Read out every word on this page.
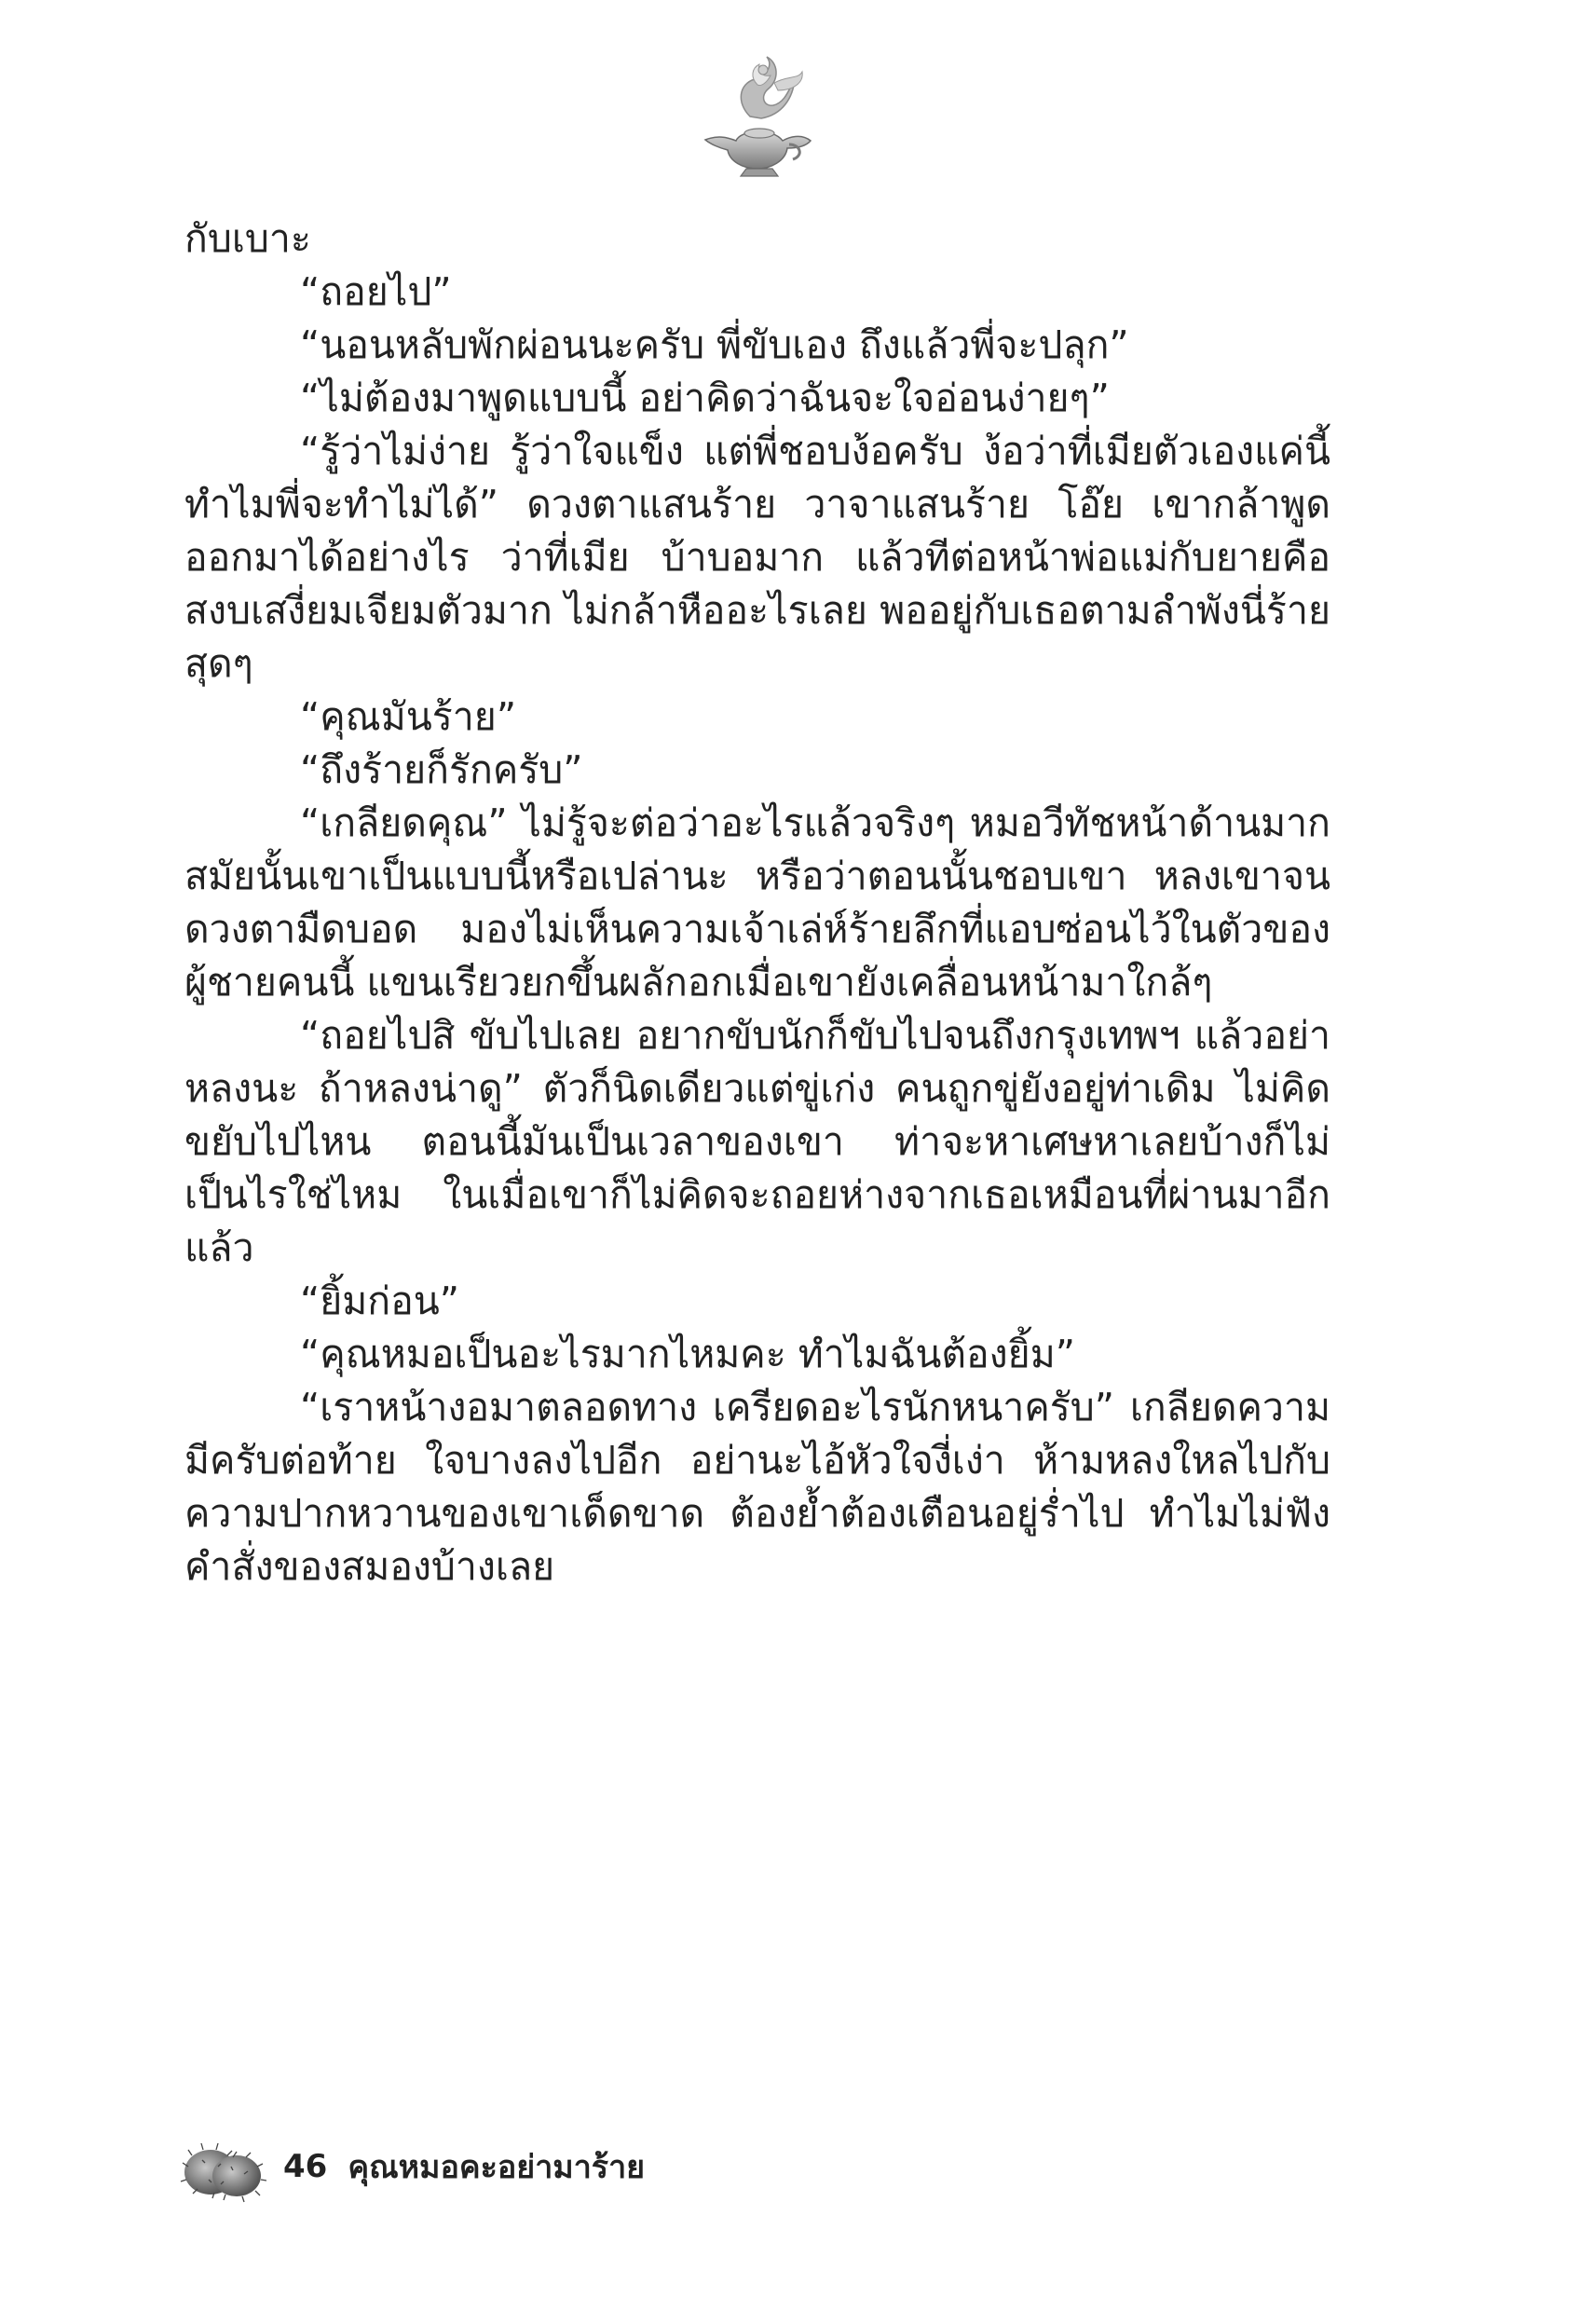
กับเบาะ

“ถอยไป”

“นอนหลับพักผ่อนนะครับ พี่ขับเอง ถึงแล้วพี่จะปลุก”

“ไม่ต้องมาพูดแบบนี้ อย่าคิดว่าฉันจะใจอ่อนง่ายๆ”

“รู้ว่าไม่ง่าย รู้ว่าใจแข็ง แต่พี่ชอบง้อครับ ง้อว่าที่เมียตัวเองแค่นี้ ทำไมพี่จะทำไม่ได้” ดวงตาแสนร้าย วาจาแสนร้าย โอ๊ย เขากล้าพูดออกมาได้อย่างไร ว่าที่เมีย บ้าบอมาก แล้วทีต่อหน้าพ่อแม่กับยายคือสงบเสงี่ยมเจียมตัวมาก ไม่กล้าหืออะไรเลย พออยู่กับเธอตามลำพังนี่ร้ายสุดๆ

“คุณมันร้าย”

“ถึงร้ายก็รักครับ”

“เกลียดคุณ” ไม่รู้จะต่อว่าอะไรแล้วจริงๆ หมอวีทัชหน้าด้านมาก สมัยนั้นเขาเป็นแบบนี้หรือเปล่านะ หรือว่าตอนนั้นชอบเขา หลงเขาจนดวงตามืดบอด มองไม่เห็นความเจ้าเล่ห์ร้ายลึกที่แอบซ่อนไว้ในตัวของผู้ชายคนนี้ แขนเรียวยกขึ้นผลักอกเมื่อเขายังเคลื่อนหน้ามาใกล้ๆ

“ถอยไปสิ ขับไปเลย อยากขับนักก็ขับไปจนถึงกรุงเทพฯ แล้วอย่าหลงนะ ถ้าหลงน่าดู” ตัวก็นิดเดียวแต่ขู่เก่ง คนถูกขู่ยังอยู่ท่าเดิม ไม่คิดขยับไปไหน ตอนนี้มันเป็นเวลาของเขา ท่าจะหาเศษหาเลยบ้างก็ไม่เป็นไรใช่ไหม ในเมื่อเขาก็ไม่คิดจะถอยห่างจากเธอเหมือนที่ผ่านมาอีกแล้ว

“ยิ้มก่อน”

“คุณหมอเป็นอะไรมากไหมคะ ทำไมฉันต้องยิ้ม”

“เราหน้างอมาตลอดทาง เครียดอะไรนักหนาครับ” เกลียดความมีครับต่อท้าย ใจบางลงไปอีก อย่านะไอ้หัวใจงี่เง่า ห้ามหลงใหลไปกับความปากหวานของเขาเด็ดขาด ต้องย้ำต้องเตือนอยู่ร่ำไป ทำไมไม่ฟังคำสั่งของสมองบ้างเลย

46 คุณหมอคะอย่ามาร้าย
